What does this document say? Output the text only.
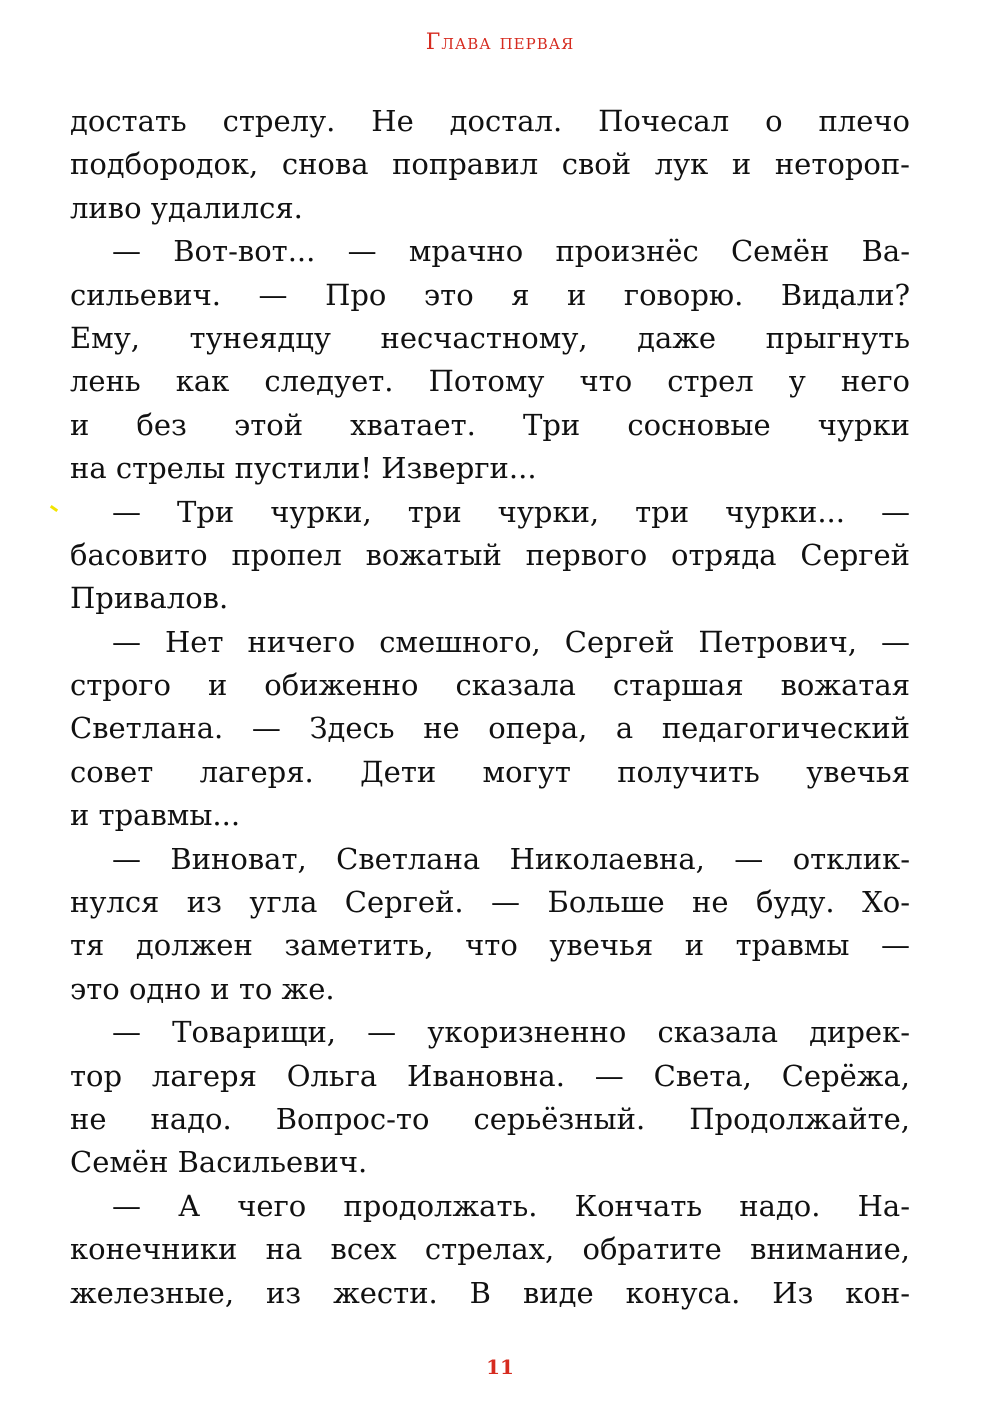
Глава первая
достать стрелу. Не достал. Почесал о плечо
подбородок, снова поправил свой лук и нетороп-
ливо удалился.
— Вот-вот... — мрачно произнёс Семён Ва-
сильевич. — Про это я и говорю. Видали?
Ему, тунеядцу несчастному, даже прыгнуть
лень как следует. Потому что стрел у него
и без этой хватает. Три сосновые чурки
на стрелы пустили! Изверги...
— Три чурки, три чурки, три чурки... —
басовито пропел вожатый первого отряда Сергей
Привалов.
— Нет ничего смешного, Сергей Петрович, —
строго и обиженно сказала старшая вожатая
Светлана. — Здесь не опера, а педагогический
совет лагеря. Дети могут получить увечья
и травмы...
— Виноват, Светлана Николаевна, — отклик-
нулся из угла Сергей. — Больше не буду. Хо-
тя должен заметить, что увечья и травмы —
это одно и то же.
— Товарищи, — укоризненно сказала дирек-
тор лагеря Ольга Ивановна. — Света, Серёжа,
не надо. Вопрос-то серьёзный. Продолжайте,
Семён Васильевич.
— А чего продолжать. Кончать надо. На-
конечники на всех стрелах, обратите внимание,
железные, из жести. В виде конуса. Из кон-
11
